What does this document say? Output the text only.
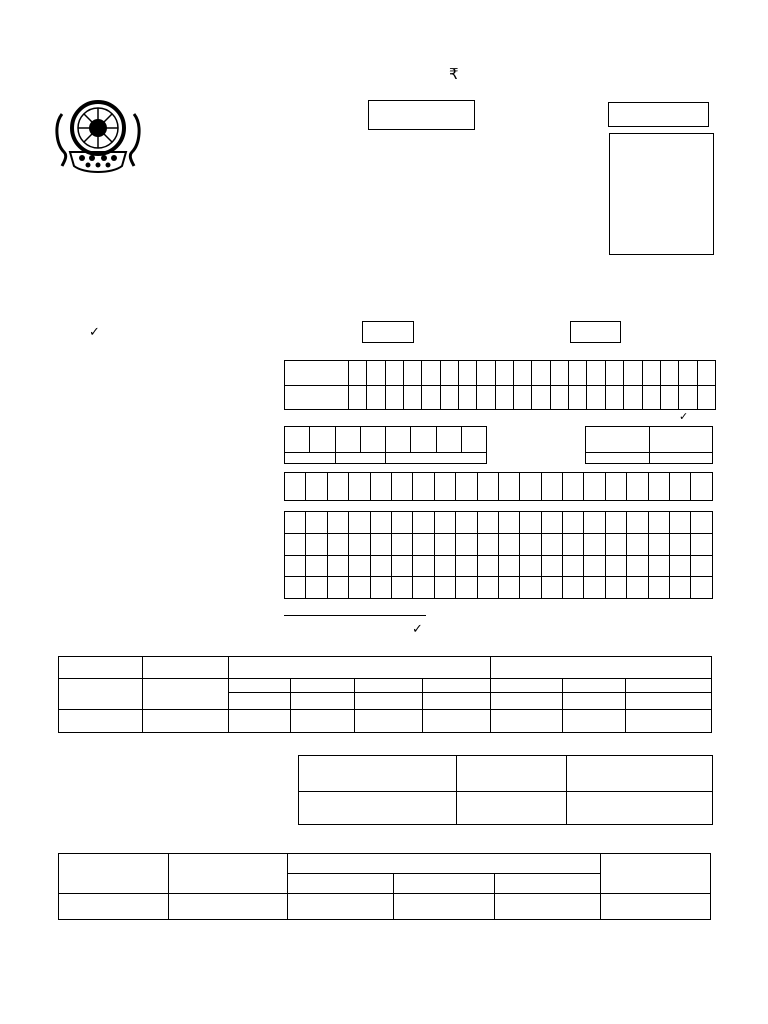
₹
✓

✓

✓
